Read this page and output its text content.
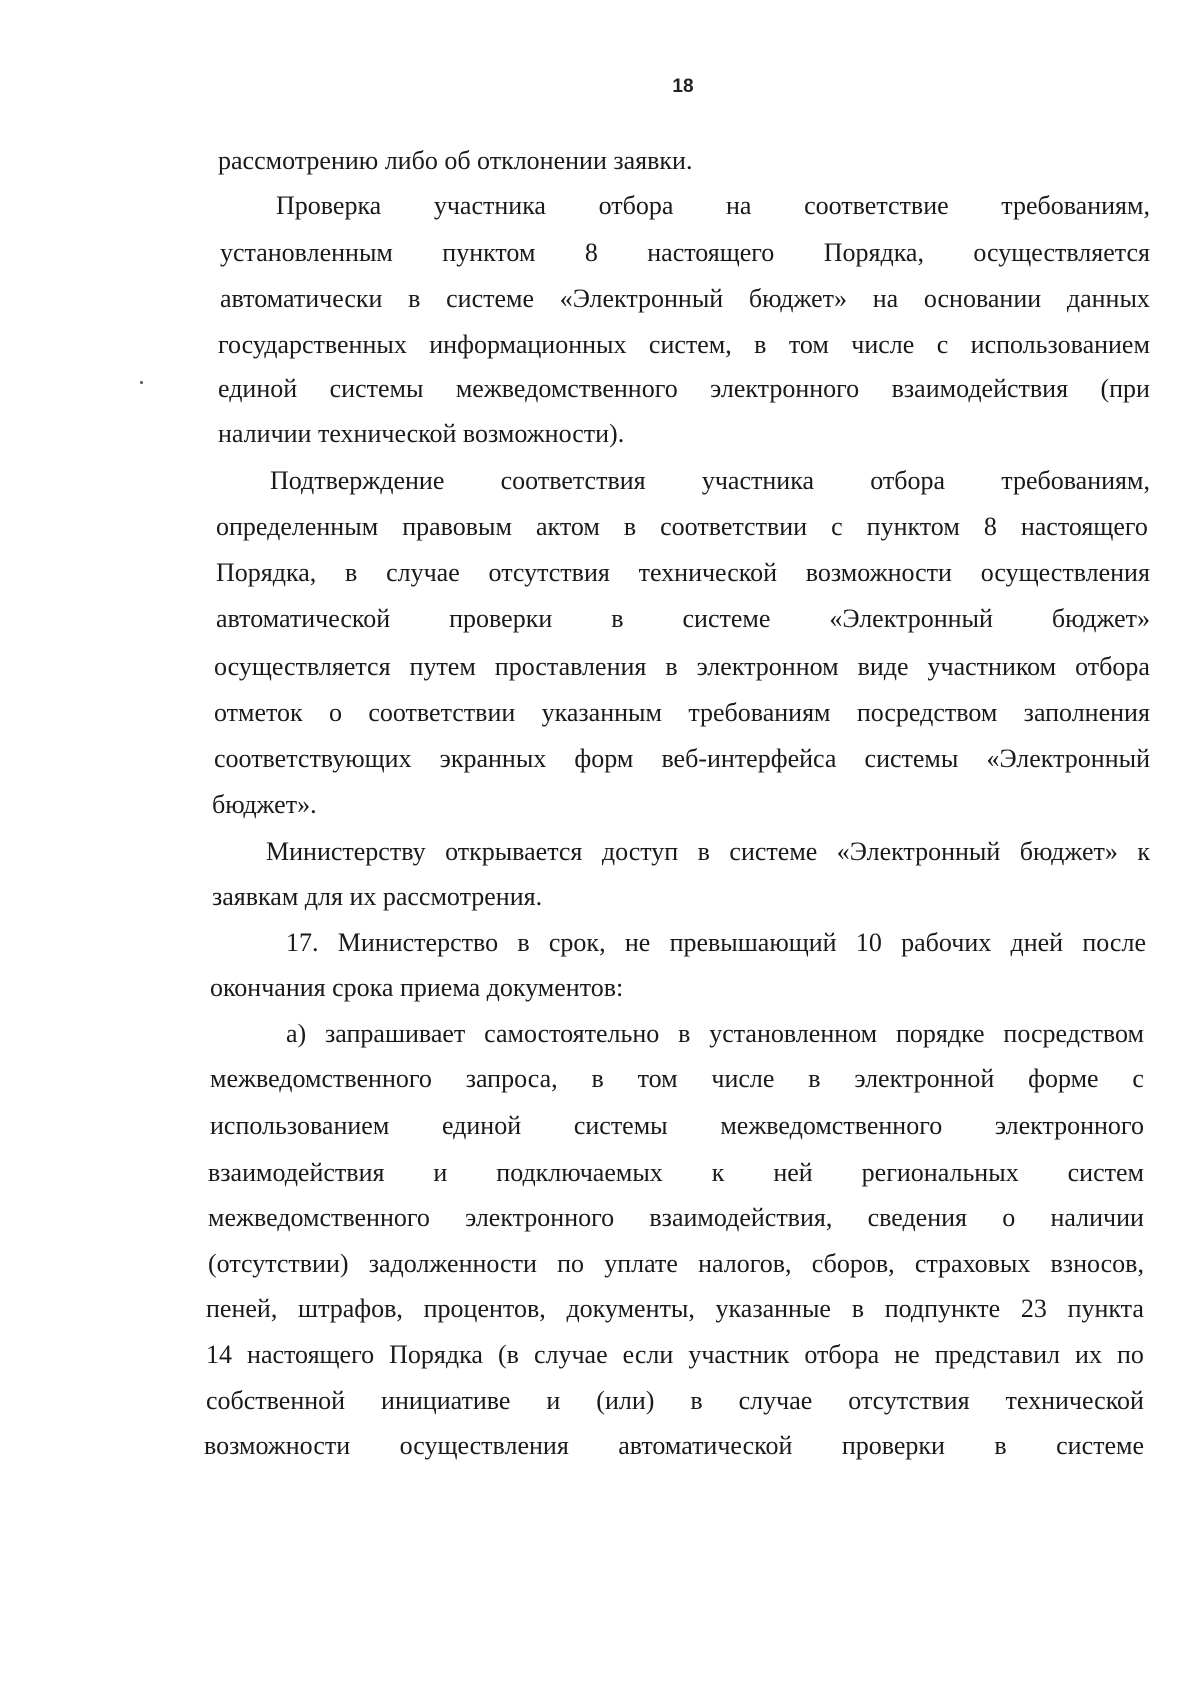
18
рассмотрению либо об отклонении заявки.
Проверка участника отбора на соответствие требованиям,
установленным пунктом 8 настоящего Порядка, осуществляется
автоматически в системе «Электронный бюджет» на основании данных
государственных информационных систем, в том числе с использованием
единой системы межведомственного электронного взаимодействия (при
наличии технической возможности).
Подтверждение соответствия участника отбора требованиям,
определенным правовым актом в соответствии с пунктом 8 настоящего
Порядка, в случае отсутствия технической возможности осуществления
автоматической проверки в системе «Электронный бюджет»
осуществляется путем проставления в электронном виде участником отбора
отметок о соответствии указанным требованиям посредством заполнения
соответствующих экранных форм веб-интерфейса системы «Электронный
бюджет».
Министерству открывается доступ в системе «Электронный бюджет» к
заявкам для их рассмотрения.
17. Министерство в срок, не превышающий 10 рабочих дней после
окончания срока приема документов:
а) запрашивает самостоятельно в установленном порядке посредством
межведомственного запроса, в том числе в электронной форме с
использованием единой системы межведомственного электронного
взаимодействия и подключаемых к ней региональных систем
межведомственного электронного взаимодействия, сведения о наличии
(отсутствии) задолженности по уплате налогов, сборов, страховых взносов,
пеней, штрафов, процентов, документы, указанные в подпункте 23 пункта
14 настоящего Порядка (в случае если участник отбора не представил их по
собственной инициативе и (или) в случае отсутствия технической
возможности осуществления автоматической проверки в системе
